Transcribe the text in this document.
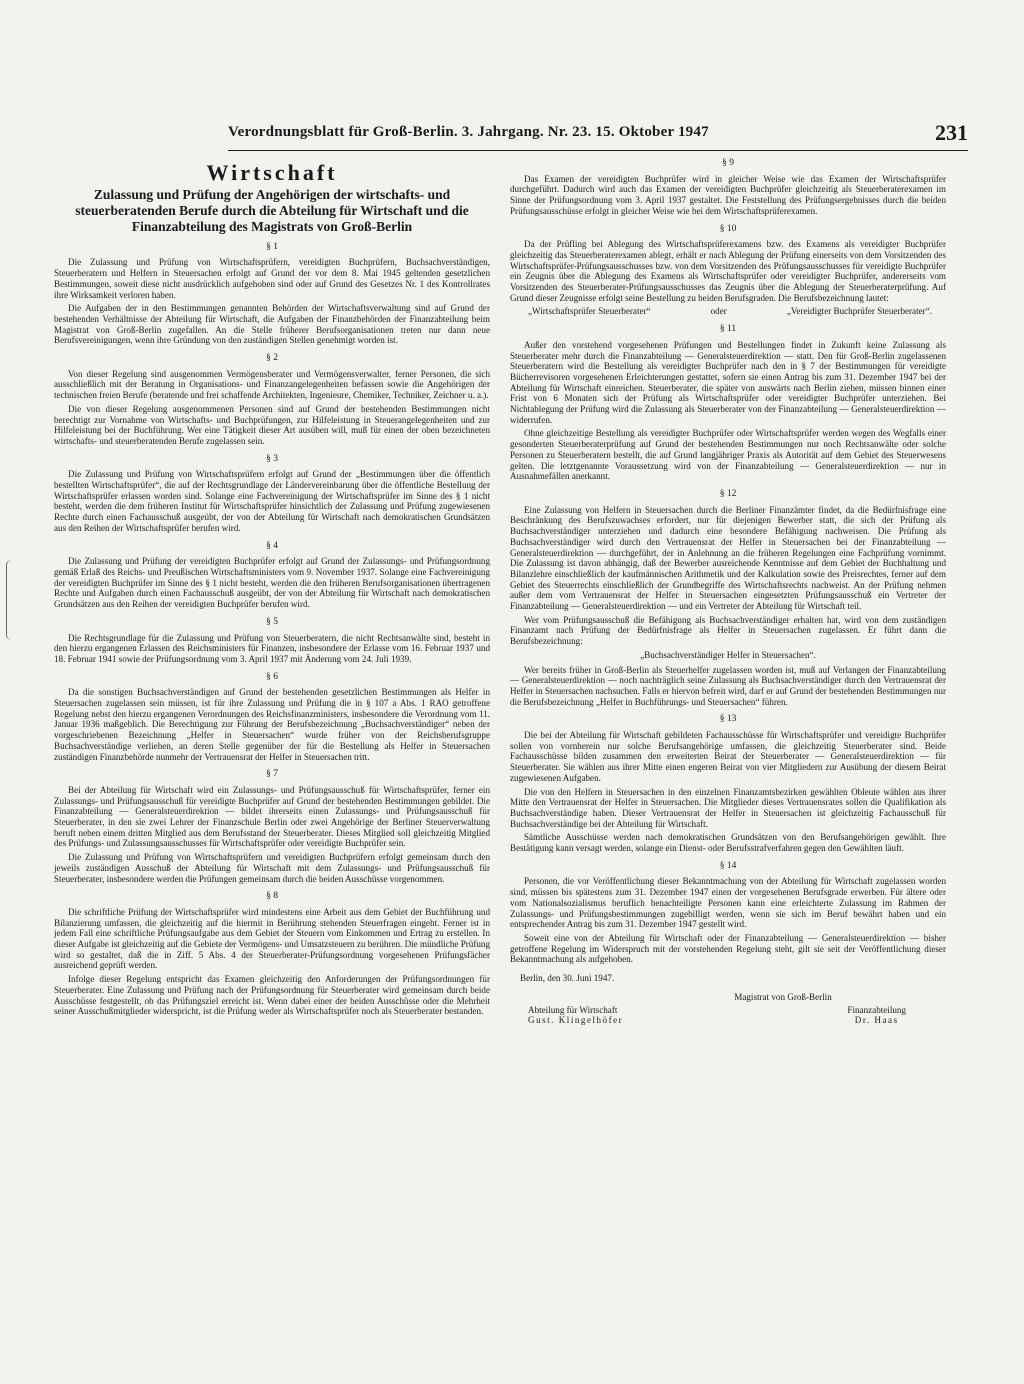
Verordnungsblatt für Groß-Berlin. 3. Jahrgang. Nr. 23. 15. Oktober 1947	231
Wirtschaft
Zulassung und Prüfung der Angehörigen der wirtschafts- und steuerberatenden Berufe durch die Abteilung für Wirtschaft und die Finanzabteilung des Magistrats von Groß-Berlin
§ 1

Die Zulassung und Prüfung von Wirtschaftsprüfern, vereidigten Buchprüfern, Buchsachverständigen, Steuerberatern und Helfern in Steuersachen erfolgt auf Grund der vor dem 8. Mai 1945 geltenden gesetzlichen Bestimmungen, soweit diese nicht ausdrücklich aufgehoben sind oder auf Grund des Gesetzes Nr. 1 des Kontrollrates ihre Wirksamkeit verloren haben.

Die Aufgaben der in den Bestimmungen genannten Behörden der Wirtschaftsverwaltung sind auf Grund der bestehenden Verhältnisse der Abteilung für Wirtschaft, die Aufgaben der Finanzbehörden der Finanzabteilung beim Magistrat von Groß-Berlin zugefallen. An die Stelle früherer Berufsorganisationen treten nur dann neue Berufsvereinigungen, wenn ihre Gründung von den zuständigen Stellen genehmigt worden ist.

§ 2

Von dieser Regelung sind ausgenommen Vermögensberater und Vermögensverwalter, ferner Personen, die sich ausschließlich mit der Beratung in Organisations- und Finanzangelegenheiten befassen sowie die Angehörigen der technischen freien Berufe (beratende und frei schaffende Architekten, Ingenieure, Chemiker, Techniker, Zeichner u. a.).

Die von dieser Regelung ausgenommenen Personen sind auf Grund der bestehenden Bestimmungen nicht berechtigt zur Vornahme von Wirtschafts- und Buchprüfungen, zur Hilfeleistung in Steuerangelegenheiten und zur Hilfeleistung bei der Buchführung. Wer eine Tätigkeit dieser Art ausüben will, muß für einen der oben bezeichneten wirtschafts- und steuerberatenden Berufe zugelassen sein.

§ 3

Die Zulassung und Prüfung von Wirtschaftsprüfern erfolgt auf Grund der „Bestimmungen über die öffentlich bestellten Wirtschaftsprüfer“, die auf der Rechtsgrundlage der Ländervereinbarung über die öffentliche Bestellung der Wirtschaftsprüfer erlassen worden sind. Solange eine Fachvereinigung der Wirtschaftsprüfer im Sinne des § 1 nicht besteht, werden die dem früheren Institut für Wirtschaftsprüfer hinsichtlich der Zulassung und Prüfung zugewiesenen Rechte durch einen Fachausschuß ausgeübt, der von der Abteilung für Wirtschaft nach demokratischen Grundsätzen aus den Reihen der Wirtschaftsprüfer berufen wird.

§ 4

Die Zulassung und Prüfung der vereidigten Buchprüfer erfolgt auf Grund der Zulassungs- und Prüfungsordnung gemäß Erlaß des Reichs- und Preußischen Wirtschaftsministers vom 9. November 1937. Solange eine Fachvereinigung der vereidigten Buchprüfer im Sinne des § 1 nicht besteht, werden die den früheren Berufsorganisationen übertragenen Rechte und Aufgaben durch einen Fachausschuß ausgeübt, der von der Abteilung für Wirtschaft nach demokratischen Grundsätzen aus den Reihen der vereidigten Buchprüfer berufen wird.

§ 5

Die Rechtsgrundlage für die Zulassung und Prüfung von Steuerberatern, die nicht Rechtsanwälte sind, besteht in den hierzu ergangenen Erlassen des Reichsministers für Finanzen, insbesondere der Erlasse vom 16. Februar 1937 und 18. Februar 1941 sowie der Prüfungsordnung vom 3. April 1937 mit Änderung vom 24. Juli 1939.

§ 6

Da die sonstigen Buchsachverständigen auf Grund der bestehenden gesetzlichen Bestimmungen als Helfer in Steuersachen zugelassen sein müssen, ist für ihre Zulassung und Prüfung die in § 107 a Abs. 1 RAO getroffene Regelung nebst den hierzu ergangenen Verordnungen des Reichsfinanzministers, insbesondere die Verordnung vom 11. Januar 1936 maßgeblich. Die Berechtigung zur Führung der Berufsbezeichnung „Buchsachverständiger“ neben der vorgeschriebenen Bezeichnung „Helfer in Steuersachen“ wurde früher von der Reichsberufsgruppe Buchsachverständige verliehen, an deren Stelle gegenüber der für die Bestellung als Helfer in Steuersachen zuständigen Finanzbehörde nunmehr der Vertrauensrat der Helfer in Steuersachen tritt.

§ 7

Bei der Abteilung für Wirtschaft wird ein Zulassungs- und Prüfungsausschuß für Wirtschaftsprüfer, ferner ein Zulassungs- und Prüfungsausschuß für vereidigte Buchprüfer auf Grund der bestehenden Bestimmungen gebildet. Die Finanzabteilung — Generalsteuerdirektion — bildet ihrerseits einen Zulassungs- und Prüfungsausschuß für Steuerberater, in den sie zwei Lehrer der Finanzschule Berlin oder zwei Angehörige der Berliner Steuerverwaltung beruft neben einem dritten Mitglied aus dem Berufsstand der Steuerberater. Dieses Mitglied soll gleichzeitig Mitglied des Prüfungs- und Zulassungsausschusses für Wirtschaftsprüfer oder vereidigte Buchprüfer sein.

Die Zulassung und Prüfung von Wirtschaftsprüfern und vereidigten Buchprüfern erfolgt gemeinsam durch den jeweils zuständigen Ausschuß der Abteilung für Wirtschaft mit dem Zulassungs- und Prüfungsausschuß für Steuerberater, insbesondere werden die Prüfungen gemeinsam durch die beiden Ausschüsse vorgenommen.

§ 8

Die schriftliche Prüfung der Wirtschaftsprüfer wird mindestens eine Arbeit aus dem Gebiet der Buchführung und Bilanzierung umfassen, die gleichzeitig auf die hiermit in Berührung stehenden Steuerfragen eingeht. Ferner ist in jedem Fall eine schriftliche Prüfungsaufgabe aus dem Gebiet der Steuern vom Einkommen und Ertrag zu erstellen. In dieser Aufgabe ist gleichzeitig auf die Gebiete der Vermögens- und Umsatzsteuern zu berühren. Die mündliche Prüfung wird so gestaltet, daß die in Ziff. 5 Abs. 4 der Steuerberater-Prüfungsordnung vorgesehenen Prüfungsfächer ausreichend geprüft werden.

Infolge dieser Regelung entspricht das Examen gleichzeitig den Anforderungen der Prüfungsordnungen für Steuerberater. Eine Zulassung und Prüfung nach der Prüfungsordnung für Steuerberater wird gemeinsam durch beide Ausschüsse festgestellt, ob das Prüfungsziel erreicht ist. Wenn dabei einer der beiden Ausschüsse oder die Mehrheit seiner Ausschußmitglieder widerspricht, ist die Prüfung weder als Wirtschaftsprüfer noch als Steuerberater bestanden.

§ 9

Das Examen der vereidigten Buchprüfer wird in gleicher Weise wie das Examen der Wirtschaftsprüfer durchgeführt. Dadurch wird auch das Examen der vereidigten Buchprüfer gleichzeitig als Steuerberaterexamen im Sinne der Prüfungsordnung vom 3. April 1937 gestaltet. Die Feststellung des Prüfungsergebnisses durch die beiden Prüfungsausschüsse erfolgt in gleicher Weise wie bei dem Wirtschaftsprüferexamen.

§ 10

Da der Prüfling bei Ablegung des Wirtschaftsprüferexamens bzw. des Examens als vereidigter Buchprüfer gleichzeitig das Steuerberaterexamen ablegt, erhält er nach Ablegung der Prüfung einerseits von dem Vorsitzenden des Wirtschaftsprüfer-Prüfungsausschusses bzw. von dem Vorsitzenden des Prüfungsausschusses für vereidigte Buchprüfer ein Zeugnis über die Ablegung des Examens als Wirtschaftsprüfer oder vereidigter Buchprüfer, andererseits vom Vorsitzenden des Steuerberater-Prüfungsausschusses das Zeugnis über die Ablegung der Steuerberaterprüfung. Auf Grund dieser Zeugnisse erfolgt seine Bestellung zu beiden Berufsgraden. Die Berufsbezeichnung lautet:

„Wirtschaftsprüfer Steuerberater“	oder	„Vereidigter Buchprüfer Steuerberater“.
§ 11

Außer den vorstehend vorgesehenen Prüfungen und Bestellungen findet in Zukunft keine Zulassung als Steuerberater mehr durch die Finanzabteilung — Generalsteuerdirektion — statt. Den für Groß-Berlin zugelassenen Steuerberatern wird die Bestellung als vereidigter Buchprüfer nach den in § 7 der Bestimmungen für vereidigte Bücherrevisoren vorgesehenen Erleichterungen gestattet, sofern sie einen Antrag bis zum 31. Dezember 1947 bei der Abteilung für Wirtschaft einreichen. Steuerberater, die später von auswärts nach Berlin ziehen, müssen binnen einer Frist von 6 Monaten sich der Prüfung als Wirtschaftsprüfer oder vereidigter Buchprüfer unterziehen. Bei Nichtablegung der Prüfung wird die Zulassung als Steuerberater von der Finanzabteilung — Generalsteuerdirektion — widerrufen.

Ohne gleichzeitige Bestellung als vereidigter Buchprüfer oder Wirtschaftsprüfer werden wegen des Wegfalls einer gesonderten Steuerberaterprüfung auf Grund der bestehenden Bestimmungen nur noch Rechtsanwälte oder solche Personen zu Steuerberatern bestellt, die auf Grund langjähriger Praxis als Autorität auf dem Gebiet des Steuerwesens gelten. Die letztgenannte Voraussetzung wird von der Finanzabteilung — Generalsteuerdirektion — nur in Ausnahmefällen anerkannt.

§ 12

Eine Zulassung von Helfern in Steuersachen durch die Berliner Finanzämter findet, da die Bedürfnisfrage eine Beschränkung des Berufszuwachses erfordert, nur für diejenigen Bewerber statt, die sich der Prüfung als Buchsachverständiger unterziehen und dadurch eine besondere Befähigung nachweisen. Die Prüfung als Buchsachverständiger wird durch den Vertrauensrat der Helfer in Steuersachen bei der Finanzabteilung — Generalsteuerdirektion — durchgeführt, der in Anlehnung an die früheren Regelungen eine Fachprüfung vornimmt. Die Zulassung ist davon abhängig, daß der Bewerber ausreichende Kenntnisse auf dem Gebiet der Buchhaltung und Bilanzlehre einschließlich der kaufmännischen Arithmetik und der Kalkulation sowie des Preisrechtes, ferner auf dem Gebiet des Steuerrechts einschließlich der Grundbegriffe des Wirtschaftsrechts nachweist. An der Prüfung nehmen außer dem vom Vertrauensrat der Helfer in Steuersachen eingesetzten Prüfungsausschuß ein Vertreter der Finanzabteilung — Generalsteuerdirektion — und ein Vertreter der Abteilung für Wirtschaft teil.

Wer vom Prüfungsausschuß die Befähigung als Buchsachverständiger erhalten hat, wird von dem zuständigen Finanzamt nach Prüfung der Bedürfnisfrage als Helfer in Steuersachen zugelassen. Er führt dann die Berufsbezeichnung:

„Buchsachverständiger Helfer in Steuersachen“.

Wer bereits früher in Groß-Berlin als Steuerhelfer zugelassen worden ist, muß auf Verlangen der Finanzabteilung — Generalsteuerdirektion — noch nachträglich seine Zulassung als Buchsachverständiger durch den Vertrauensrat der Helfer in Steuersachen nachsuchen. Falls er hiervon befreit wird, darf er auf Grund der bestehenden Bestimmungen nur die Berufsbezeichnung „Helfer in Buchführungs- und Steuersachen“ führen.

§ 13

Die bei der Abteilung für Wirtschaft gebildeten Fachausschüsse für Wirtschaftsprüfer und vereidigte Buchprüfer sollen von vornherein nur solche Berufsangehörige umfassen, die gleichzeitig Steuerberater sind. Beide Fachausschüsse bilden zusammen den erweiterten Beirat der Steuerberater — Generalsteuerdirektion — für Steuerberater. Sie wählen aus ihrer Mitte einen engeren Beirat von vier Mitgliedern zur Ausübung der diesem Beirat zugewiesenen Aufgaben.

Die von den Helfern in Steuersachen in den einzelnen Finanzamtsbezirken gewählten Obleute wählen aus ihrer Mitte den Vertrauensrat der Helfer in Steuersachen. Die Mitglieder dieses Vertrauensrates sollen die Qualifikation als Buchsachverständige haben. Dieser Vertrauensrat der Helfer in Steuersachen ist gleichzeitig Fachausschuß für Buchsachverständige bei der Abteilung für Wirtschaft.

Sämtliche Ausschüsse werden nach demokratischen Grundsätzen von den Berufsangehörigen gewählt. Ihre Bestätigung kann versagt werden, solange ein Dienst- oder Berufsstrafverfahren gegen den Gewählten läuft.

§ 14

Personen, die vor Veröffentlichung dieser Bekanntmachung von der Abteilung für Wirtschaft zugelassen worden sind, müssen bis spätestens zum 31. Dezember 1947 einen der vorgesehenen Berufsgrade erwerben. Für ältere oder vom Nationalsozialismus beruflich benachteiligte Personen kann eine erleichterte Zulassung im Rahmen der Zulassungs- und Prüfungsbestimmungen zugebilligt werden, wenn sie sich im Beruf bewährt haben und ein entsprechender Antrag bis zum 31. Dezember 1947 gestellt wird.

Soweit eine von der Abteilung für Wirtschaft oder der Finanzabteilung — Generalsteuerdirektion — bisher getroffene Regelung im Widerspruch mit der vorstehenden Regelung steht, gilt sie seit der Veröffentlichung dieser Bekanntmachung als aufgehoben.

Berlin, den 30. Juni 1947.
Magistrat von Groß-Berlin
Abteilung für Wirtschaft
Gust. Klingelhöfer
Finanzabteilung
Dr. Haas
